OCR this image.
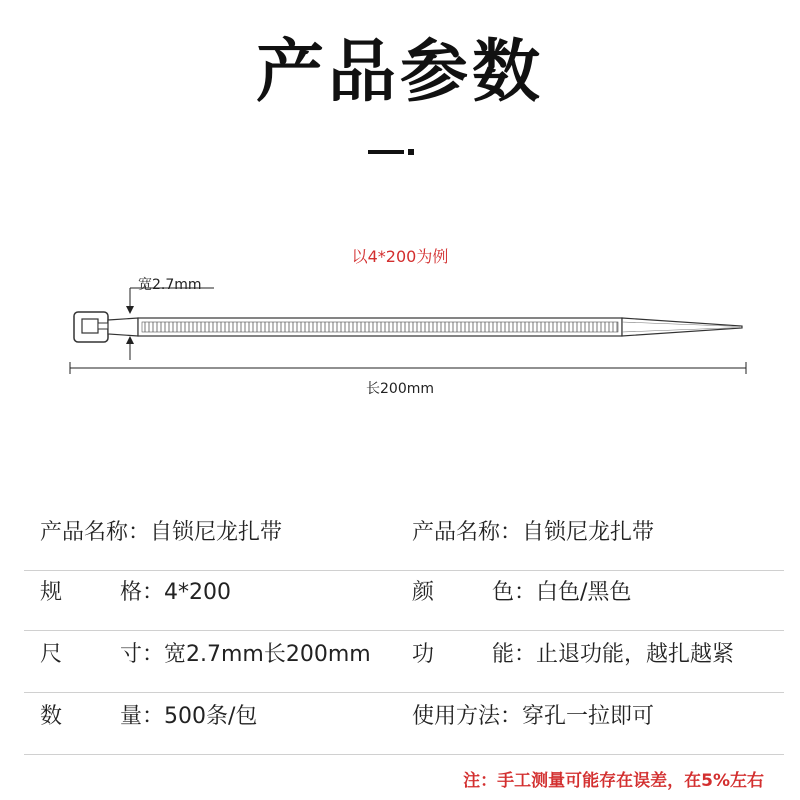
产品参数
以4*200为例
宽2.7mm
长200mm
产品名称：自锁尼龙扎带	产品名称：自锁尼龙扎带
规格：4*200	颜色：白色/黑色
尺寸：宽2.7mm长200mm 功能：止退功能，越扎越紧
数量：500条/包	使用方法：穿孔一拉即可
注：手工测量可能存在误差，在5%左右
